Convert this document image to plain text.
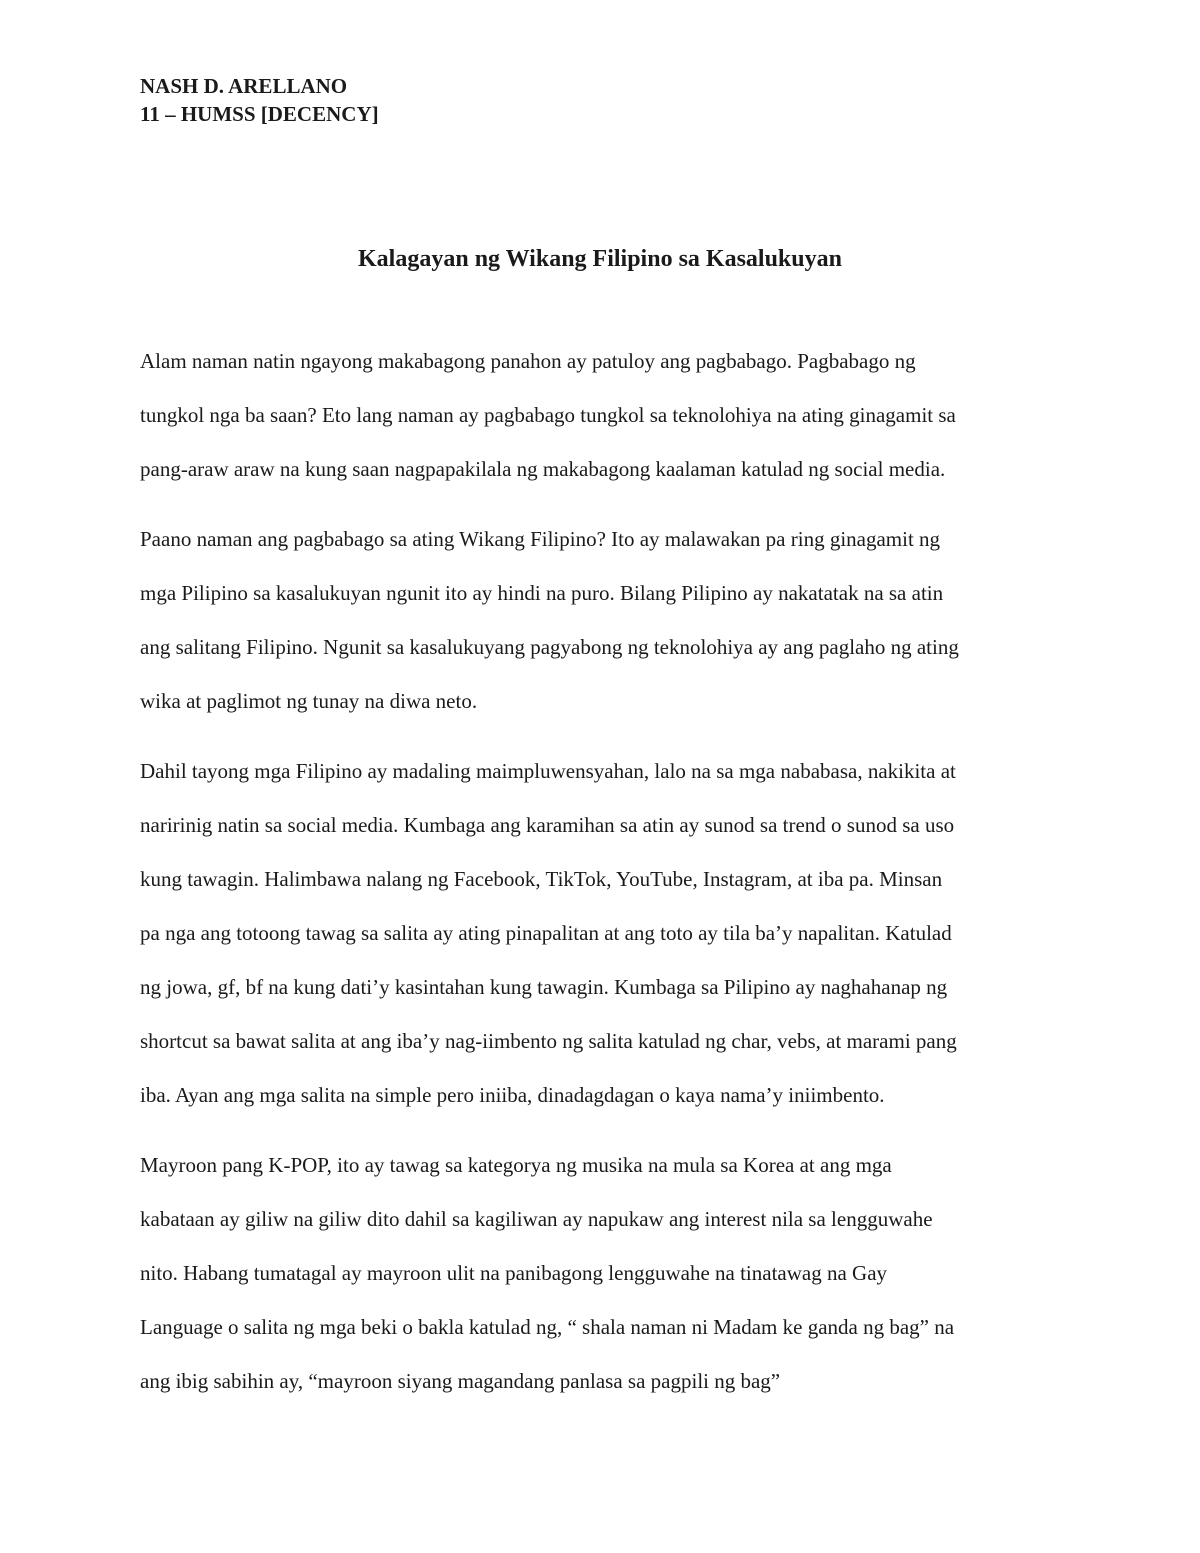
NASH D. ARELLANO
11 – HUMSS [DECENCY]
Kalagayan ng Wikang Filipino sa Kasalukuyan

Alam naman natin ngayong makabagong panahon ay patuloy ang pagbabago. Pagbabago ng
tungkol nga ba saan? Eto lang naman ay pagbabago tungkol sa teknolohiya na ating ginagamit sa
pang-araw araw na kung saan nagpapakilala ng makabagong kaalaman katulad ng social media.

Paano naman ang pagbabago sa ating Wikang Filipino? Ito ay malawakan pa ring ginagamit ng
mga Pilipino sa kasalukuyan ngunit ito ay hindi na puro. Bilang Pilipino ay nakatatak na sa atin
ang salitang Filipino. Ngunit sa kasalukuyang pagyabong ng teknolohiya ay ang paglaho ng ating
wika at paglimot ng tunay na diwa neto.

Dahil tayong mga Filipino ay madaling maimpluwensyahan, lalo na sa mga nababasa, nakikita at
naririnig natin sa social media. Kumbaga ang karamihan sa atin ay sunod sa trend o sunod sa uso
kung tawagin. Halimbawa nalang ng Facebook, TikTok, YouTube, Instagram, at iba pa. Minsan
pa nga ang totoong tawag sa salita ay ating pinapalitan at ang toto ay tila ba’y napalitan. Katulad
ng jowa, gf, bf na kung dati’y kasintahan kung tawagin. Kumbaga sa Pilipino ay naghahanap ng
shortcut sa bawat salita at ang iba’y nag-iimbento ng salita katulad ng char, vebs, at marami pang
iba. Ayan ang mga salita na simple pero iniiba, dinadagdagan o kaya nama’y iniimbento.

Mayroon pang K-POP, ito ay tawag sa kategorya ng musika na mula sa Korea at ang mga
kabataan ay giliw na giliw dito dahil sa kagiliwan ay napukaw ang interest nila sa lengguwahe
nito. Habang tumatagal ay mayroon ulit na panibagong lengguwahe na tinatawag na Gay
Language o salita ng mga beki o bakla katulad ng, “ shala naman ni Madam ke ganda ng bag” na
ang ibig sabihin ay, “mayroon siyang magandang panlasa sa pagpili ng bag”
